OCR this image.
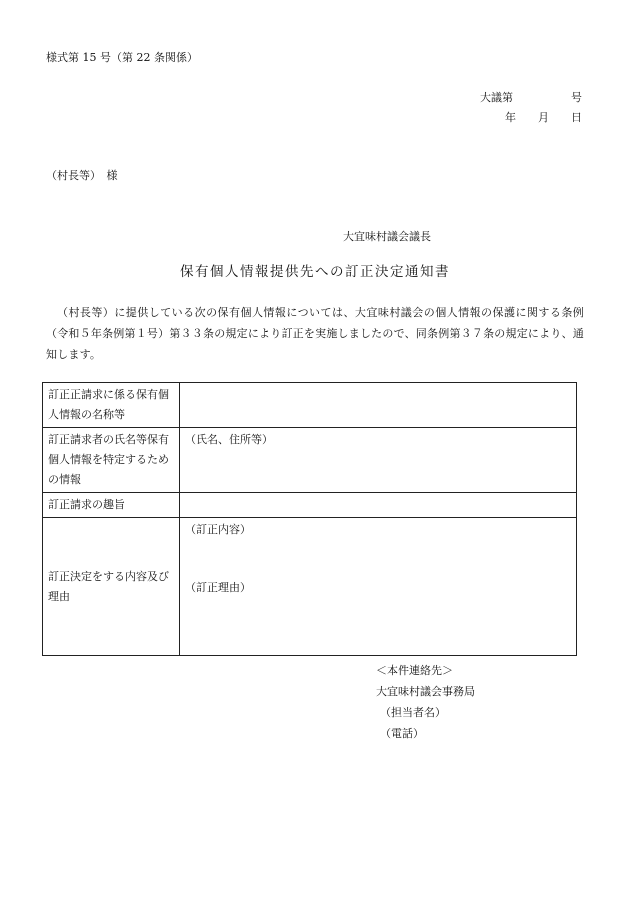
様式第 15 号（第 22 条関係）
大議第	号
年 月 日
（村長等）　様
大宜味村議会議長
保有個人情報提供先への訂正決定通知書
（村長等）に提供している次の保有個人情報については、大宜味村議会の個人情報の保護に関する条例（令和５年条例第１号）第３３条の規定により訂正を実施しましたので、同条例第３７条の規定により、通知します。
訂正正請求に係る保有個人情報の名称等	
訂正請求者の氏名等保有個人情報を特定するための情報	（氏名、住所等）
訂正請求の趣旨	
訂正決定をする内容及び理由	（訂正内容）
（訂正理由）
＜本件連絡先＞
大宜味村議会事務局
（担当者名）
（電話）
